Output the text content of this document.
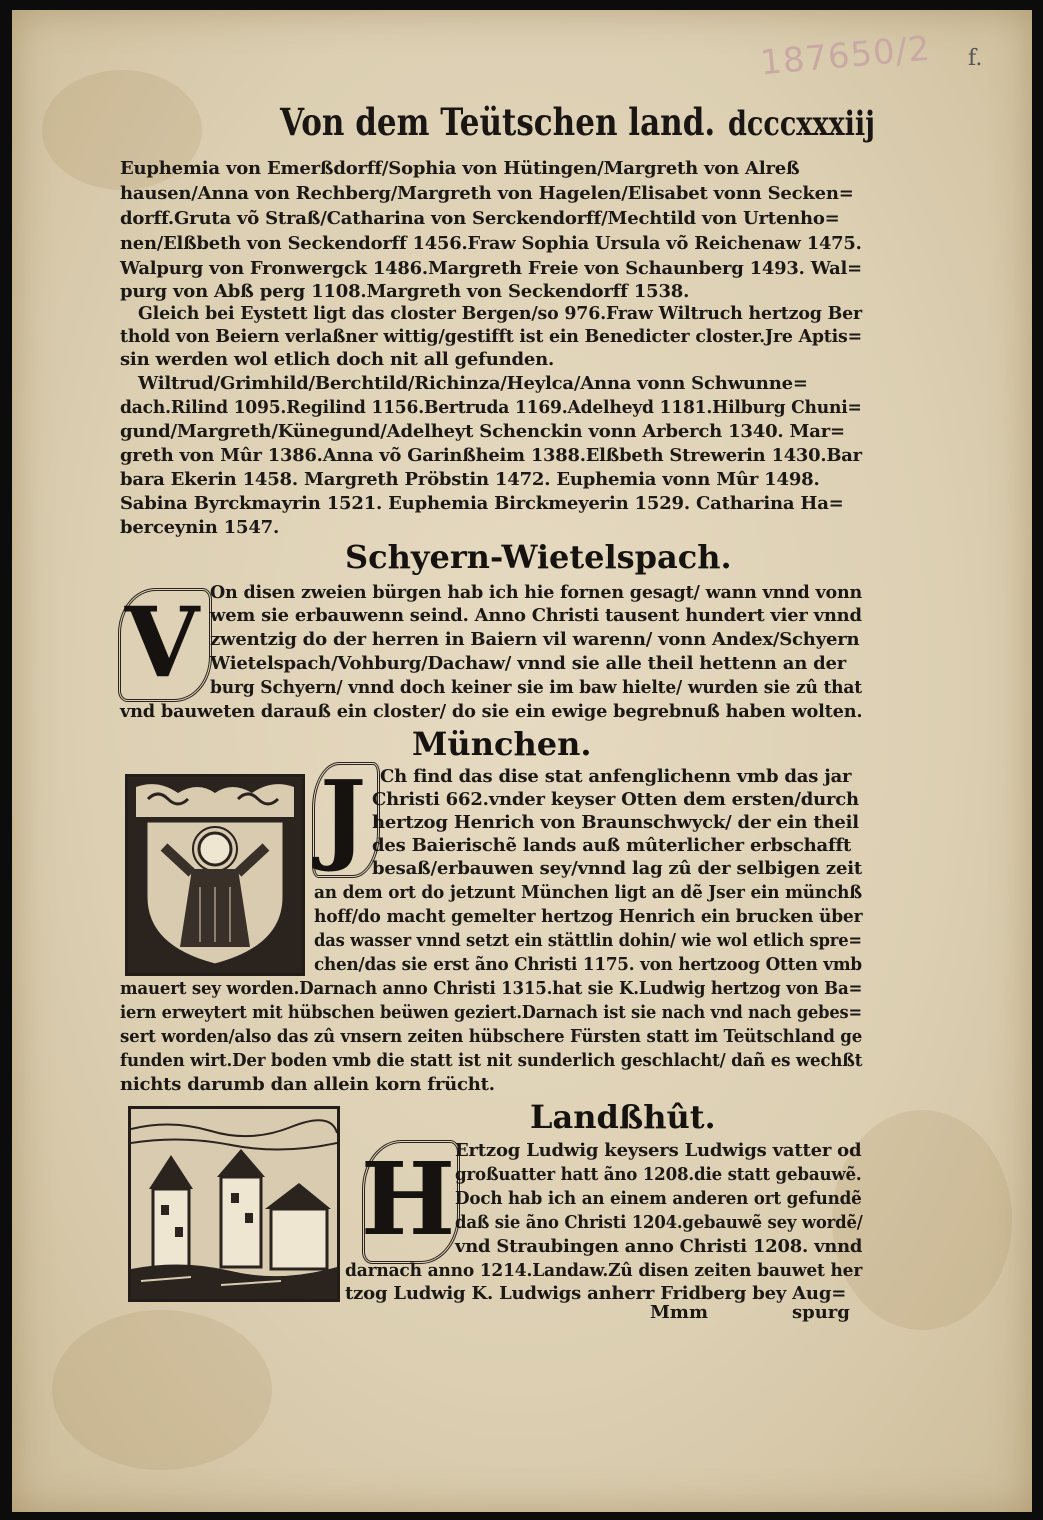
187650/2 f.
Von dem Teütschen land. dcccxxxiij
Euphemia von Emerßdorff/Sophia von Hütingen/Margreth von Alreß
hausen/Anna von Rechberg/Margreth von Hagelen/Elisabet vonn Secken=
dorff.Gruta võ Straß/Catharina von Serckendorff/Mechtild von Urtenho=
nen/Elßbeth von Seckendorff 1456.Fraw Sophia Ursula võ Reichenaw 1475.
Walpurg von Fronwergck 1486.Margreth Freie von Schaunberg 1493. Wal=
purg von Abß perg 1108.Margreth von Seckendorff 1538.
Gleich bei Eystett ligt das closter Bergen/so 976.Fraw Wiltruch hertzog Ber
thold von Beiern verlaßner wittig/gestifft ist ein Benedicter closter.Jre Aptis=
sin werden wol etlich doch nit all gefunden.
Wiltrud/Grimhild/Berchtild/Richinza/Heylca/Anna vonn Schwunne=
dach.Rilind 1095.Regilind 1156.Bertruda 1169.Adelheyd 1181.Hilburg Chuni=
gund/Margreth/Künegund/Adelheyt Schenckin vonn Arberch 1340. Mar=
greth von Mûr 1386.Anna võ Garinßheim 1388.Elßbeth Strewerin 1430.Bar
bara Ekerin 1458. Margreth Pröbstin 1472. Euphemia vonn Mûr 1498.
Sabina Byrckmayrin 1521. Euphemia Birckmeyerin 1529. Catharina Ha=
berceynin 1547.
Schyern-Wietelspach.
V On disen zweien bürgen hab ich hie fornen gesagt/ wann vnnd vonn
wem sie erbauwenn seind. Anno Christi tausent hundert vier vnnd
zwentzig do der herren in Baiern vil warenn/ vonn Andex/Schyern
Wietelspach/Vohburg/Dachaw/ vnnd sie alle theil hettenn an der
burg Schyern/ vnnd doch keiner sie im baw hielte/ wurden sie zû that
vnd bauweten darauß ein closter/ do sie ein ewige begrebnuß haben wolten.
München.
J Ch find das dise stat anfenglichenn vmb das jar
Christi 662.vnder keyser Otten dem ersten/durch
hertzog Henrich von Braunschwyck/ der ein theil
des Baierischẽ lands auß mûterlicher erbschafft
besaß/erbauwen sey/vnnd lag zû der selbigen zeit
an dem ort do jetzunt München ligt an dẽ Jser ein münchß
hoff/do macht gemelter hertzog Henrich ein brucken über
das wasser vnnd setzt ein stättlin dohin/ wie wol etlich spre=
chen/das sie erst ãno Christi 1175. von hertzoog Otten vmb
mauert sey worden.Darnach anno Christi 1315.hat sie K.Ludwig hertzog von Ba=
iern erweytert mit hübschen beüwen geziert.Darnach ist sie nach vnd nach gebes=
sert worden/also das zû vnsern zeiten hübschere Fürsten statt im Teütschland ge
funden wirt.Der boden vmb die statt ist nit sunderlich geschlacht/ dañ es wechßt
nichts darumb dan allein korn frücht.
Landßhût.
H Ertzog Ludwig keysers Ludwigs vatter od
großuatter hatt ãno 1208.die statt gebauwẽ.
Doch hab ich an einem anderen ort gefundẽ
daß sie ãno Christi 1204.gebauwẽ sey wordẽ/
vnd Straubingen anno Christi 1208. vnnd
darnach anno 1214.Landaw.Zû disen zeiten bauwet her
tzog Ludwig K. Ludwigs anherr Fridberg bey Aug=
Mmm	spurg
